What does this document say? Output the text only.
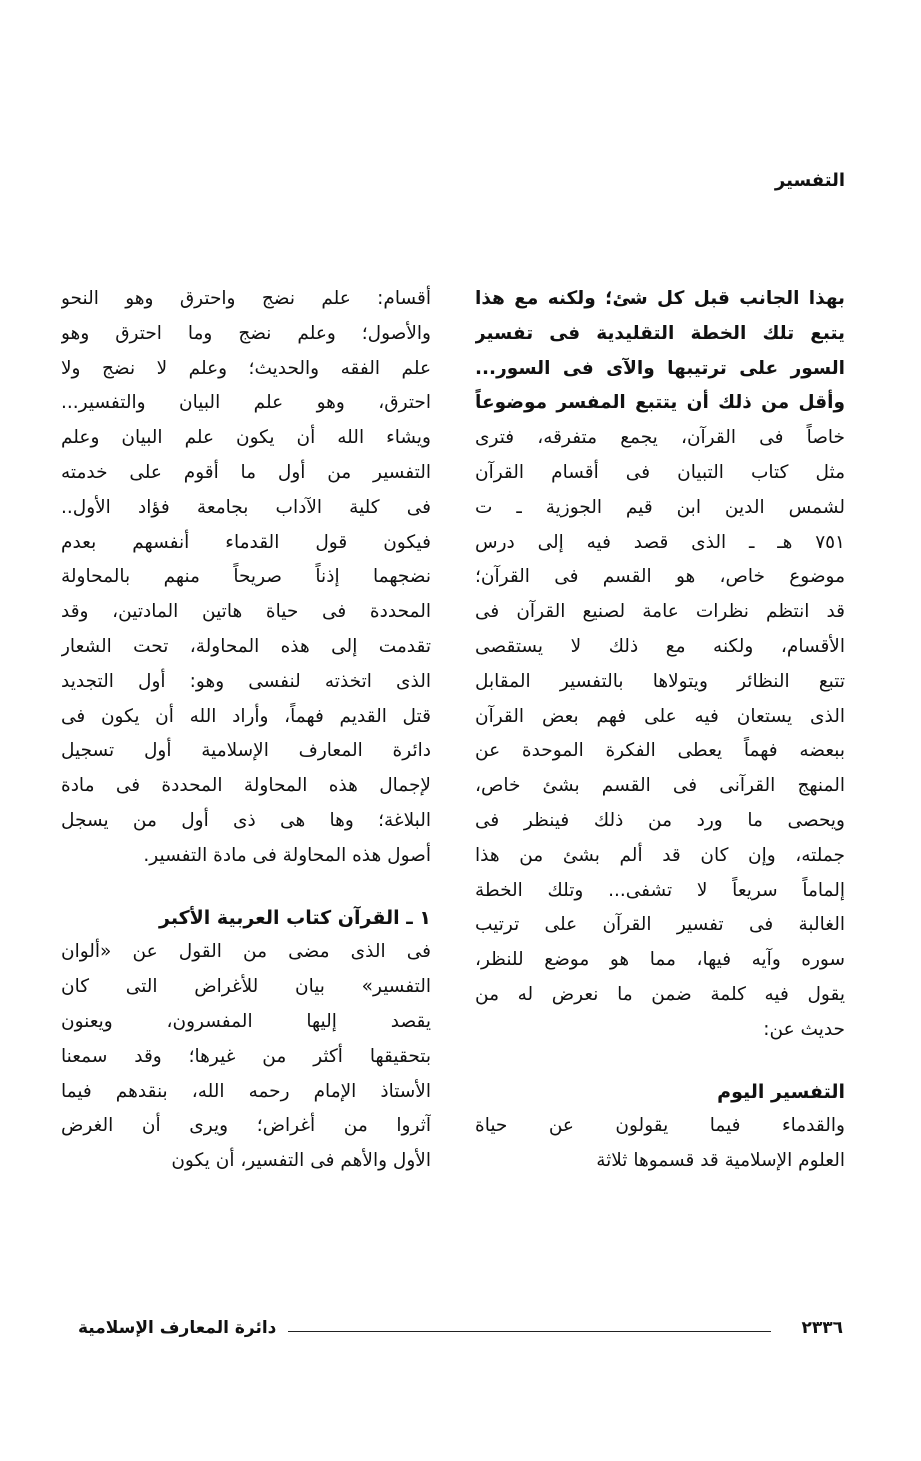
التفسير
بهذا الجانب قبل كل شئ؛ ولكنه مع هذا
يتبع تلك الخطة التقليدية فى تفسير
السور على ترتيبها والآى فى السور...
وأقل من ذلك أن يتتبع المفسر موضوعاً
خاصاً فى القرآن، يجمع متفرقه، فترى
مثل كتاب التبيان فى أقسام القرآن
لشمس الدين ابن قيم الجوزية ـ ت
٧٥١ هـ ـ الذى قصد فيه إلى درس
موضوع خاص، هو القسم فى القرآن؛
قد انتظم نظرات عامة لصنيع القرآن فى
الأقسام، ولكنه مع ذلك لا يستقصى
تتبع النظائر ويتولاها بالتفسير المقابل
الذى يستعان فيه على فهم بعض القرآن
ببعضه فهماً يعطى الفكرة الموحدة عن
المنهج القرآنى فى القسم بشئ خاص،
ويحصى ما ورد من ذلك فينظر فى
جملته، وإن كان قد ألم بشئ من هذا
إلماماً سريعاً لا تشفى... وتلك الخطة
الغالبة فى تفسير القرآن على ترتيب
سوره وآيه فيها، مما هو موضع للنظر،
يقول فيه كلمة ضمن ما نعرض له من
حديث عن:
التفسير اليوم
والقدماء فيما يقولون عن حياة
العلوم الإسلامية قد قسموها ثلاثة
أقسام: علم نضج واحترق وهو النحو
والأصول؛ وعلم نضج وما احترق وهو
علم الفقه والحديث؛ وعلم لا نضج ولا
احترق، وهو علم البيان والتفسير...
ويشاء الله أن يكون علم البيان وعلم
التفسير من أول ما أقوم على خدمته
فى كلية الآداب بجامعة فؤاد الأول..
فيكون قول القدماء أنفسهم بعدم
نضجهما إذناً صريحاً منهم بالمحاولة
المحددة فى حياة هاتين المادتين، وقد
تقدمت إلى هذه المحاولة، تحت الشعار
الذى اتخذته لنفسى وهو: أول التجديد
قتل القديم فهماً، وأراد الله أن يكون فى
دائرة المعارف الإسلامية أول تسجيل
لإجمال هذه المحاولة المحددة فى مادة
البلاغة؛ وها هى ذى أول من يسجل
أصول هذه المحاولة فى مادة التفسير.
١ ـ القرآن كتاب العربية الأكبر
فى الذى مضى من القول عن «ألوان
التفسير» بيان للأغراض التى كان
يقصد إليها المفسرون، ويعنون
بتحقيقها أكثر من غيرها؛ وقد سمعنا
الأستاذ الإمام رحمه الله، بنقدهم فيما
آثروا من أغراض؛ ويرى أن الغرض
الأول والأهم فى التفسير، أن يكون
٢٣٣٦
دائرة المعارف الإسلامية
